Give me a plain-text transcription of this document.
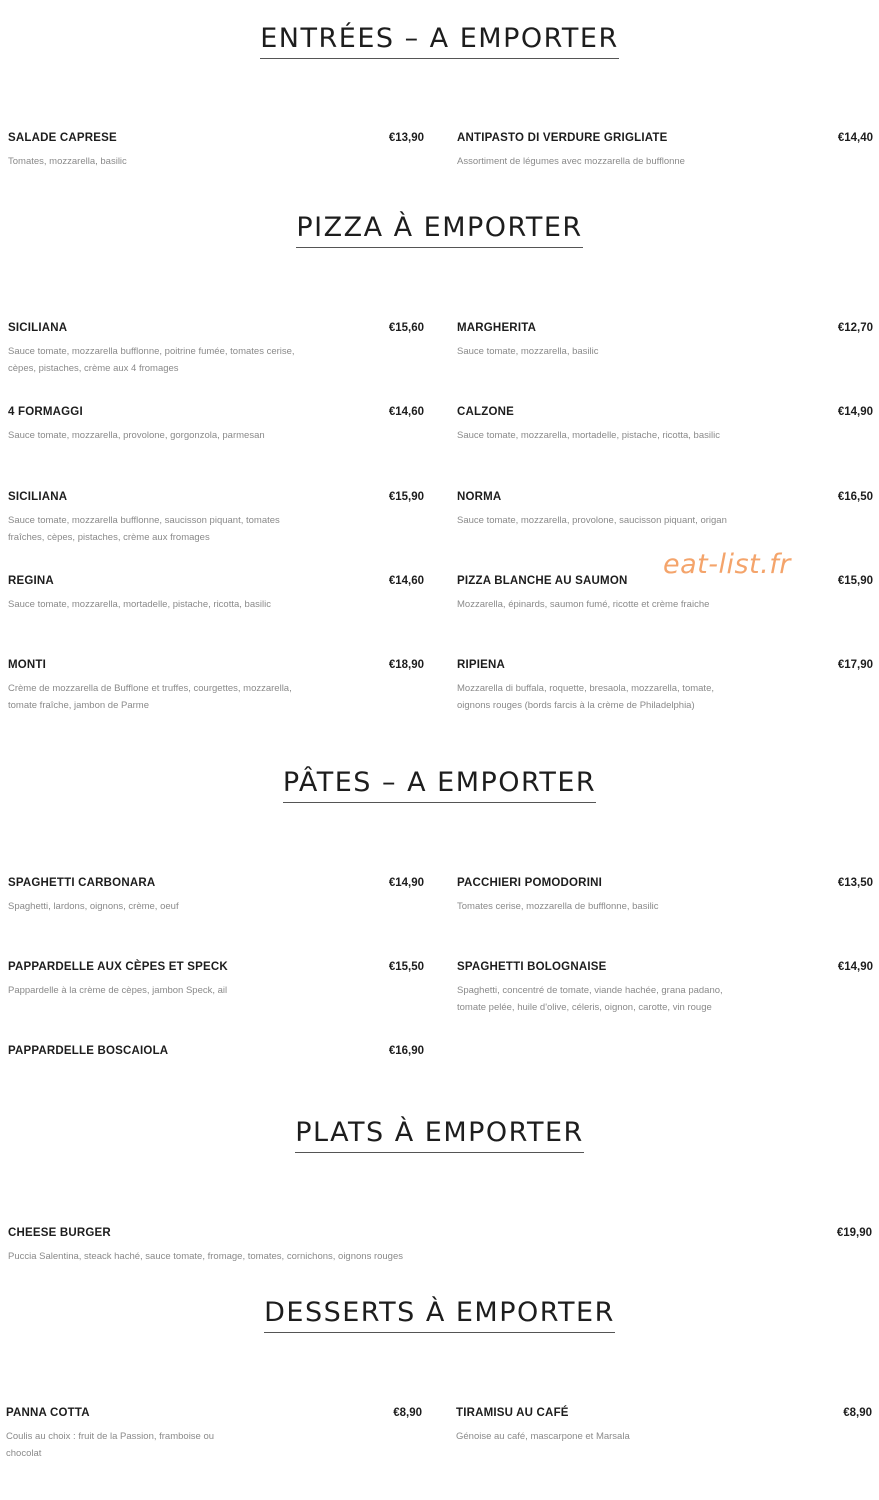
ENTRÉES – A EMPORTER
SALADE CAPRESE	€13,90
Tomates, mozzarella, basilic
ANTIPASTO DI VERDURE GRIGLIATE	€14,40
Assortiment de légumes avec mozzarella de bufflonne
PIZZA À EMPORTER
SICILIANA	€15,60
Sauce tomate, mozzarella bufflonne, poitrine fumée, tomates cerise, cèpes, pistaches, crème aux 4 fromages
MARGHERITA	€12,70
Sauce tomate, mozzarella, basilic
4 FORMAGGI	€14,60
Sauce tomate, mozzarella, provolone, gorgonzola, parmesan
CALZONE	€14,90
Sauce tomate, mozzarella, mortadelle, pistache, ricotta, basilic
SICILIANA	€15,90
Sauce tomate, mozzarella bufflonne, saucisson piquant, tomates fraîches, cèpes, pistaches, crème aux fromages
NORMA	€16,50
Sauce tomate, mozzarella, provolone, saucisson piquant, origan
REGINA	€14,60
Sauce tomate, mozzarella, mortadelle, pistache, ricotta, basilic
PIZZA BLANCHE AU SAUMON	€15,90
Mozzarella, épinards, saumon fumé, ricotte et crème fraiche
MONTI	€18,90
Crème de mozzarella de Bufflone et truffes, courgettes, mozzarella, tomate fraîche, jambon de Parme
RIPIENA	€17,90
Mozzarella di buffala, roquette, bresaola, mozzarella, tomate, oignons rouges (bords farcis à la crème de Philadelphia)
eat-list.fr
PÂTES – A EMPORTER
SPAGHETTI CARBONARA	€14,90
Spaghetti, lardons, oignons, crème, oeuf
PACCHIERI POMODORINI	€13,50
Tomates cerise, mozzarella de bufflonne, basilic
PAPPARDELLE AUX CÈPES ET SPECK	€15,50
Pappardelle à la crème de cèpes, jambon Speck, ail
SPAGHETTI BOLOGNAISE	€14,90
Spaghetti, concentré de tomate, viande hachée, grana padano, tomate pelée, huile d'olive, céleris, oignon, carotte, vin rouge
PAPPARDELLE BOSCAIOLA	€16,90
PLATS À EMPORTER
CHEESE BURGER	€19,90
Puccia Salentina, steack haché, sauce tomate, fromage, tomates, cornichons, oignons rouges
DESSERTS À EMPORTER
PANNA COTTA	€8,90
Coulis au choix : fruit de la Passion, framboise ou chocolat
TIRAMISU AU CAFÉ	€8,90
Génoise au café, mascarpone et Marsala
